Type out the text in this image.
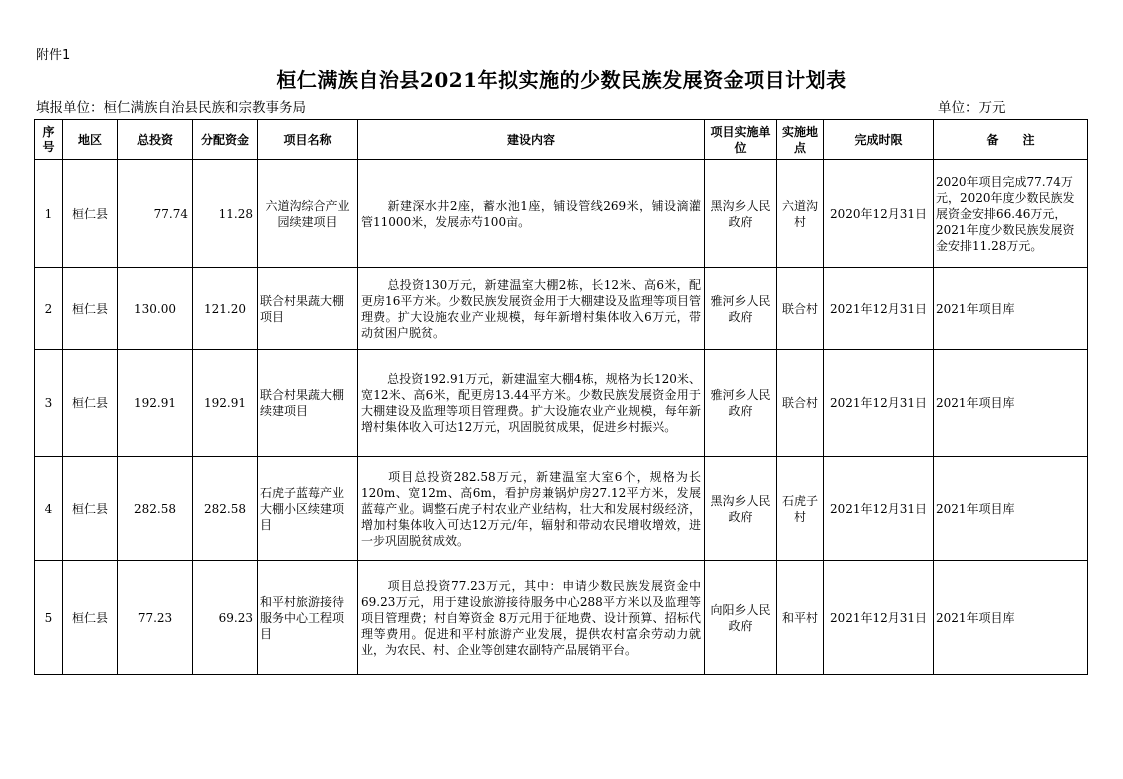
附件1
桓仁满族自治县2021年拟实施的少数民族发展资金项目计划表
填报单位：桓仁满族自治县民族和宗教事务局	单位：万元
序号	地区	总投资	分配资金	项目名称	建设内容	项目实施单位	实施地点	完成时限	备　　注
1	桓仁县	77.74	11.28	六道沟综合产业园续建项目	新建深水井2座，蓄水池1座，铺设管线269米，铺设滴灌管11000米，发展赤芍100亩。	黑沟乡人民政府	六道沟村	2020年12月31日	2020年项目完成77.74万元，2020年度少数民族发展资金安排66.46万元，2021年度少数民族发展资金安排11.28万元。
2	桓仁县	130.00	121.20	联合村果蔬大棚项目	总投资130万元，新建温室大棚2栋，长12米、高6米，配更房16平方米。少数民族发展资金用于大棚建设及监理等项目管理费。扩大设施农业产业规模，每年新增村集体收入6万元，带动贫困户脱贫。	雅河乡人民政府	联合村	2021年12月31日	2021年项目库
3	桓仁县	192.91	192.91	联合村果蔬大棚续建项目	总投资192.91万元，新建温室大棚4栋，规格为长120米、宽12米、高6米，配更房13.44平方米。少数民族发展资金用于大棚建设及监理等项目管理费。扩大设施农业产业规模，每年新增村集体收入可达12万元，巩固脱贫成果，促进乡村振兴。	雅河乡人民政府	联合村	2021年12月31日	2021年项目库
4	桓仁县	282.58	282.58	石虎子蓝莓产业大棚小区续建项目	项目总投资282.58万元，新建温室大室6个，规格为长120m、宽12m、高6m，看护房兼锅炉房27.12平方米，发展蓝莓产业。调整石虎子村农业产业结构，壮大和发展村级经济，增加村集体收入可达12万元/年，辐射和带动农民增收增效，进一步巩固脱贫成效。	黑沟乡人民政府	石虎子村	2021年12月31日	2021年项目库
5	桓仁县	77.23	69.23	和平村旅游接待服务中心工程项目	项目总投资77.23万元，其中：申请少数民族发展资金中69.23万元，用于建设旅游接待服务中心288平方米以及监理等项目管理费；村自筹资金 8万元用于征地费、设计预算、招标代理等费用。促进和平村旅游产业发展，提供农村富余劳动力就业，为农民、村、企业等创建农副特产品展销平台。	向阳乡人民政府	和平村	2021年12月31日	2021年项目库
